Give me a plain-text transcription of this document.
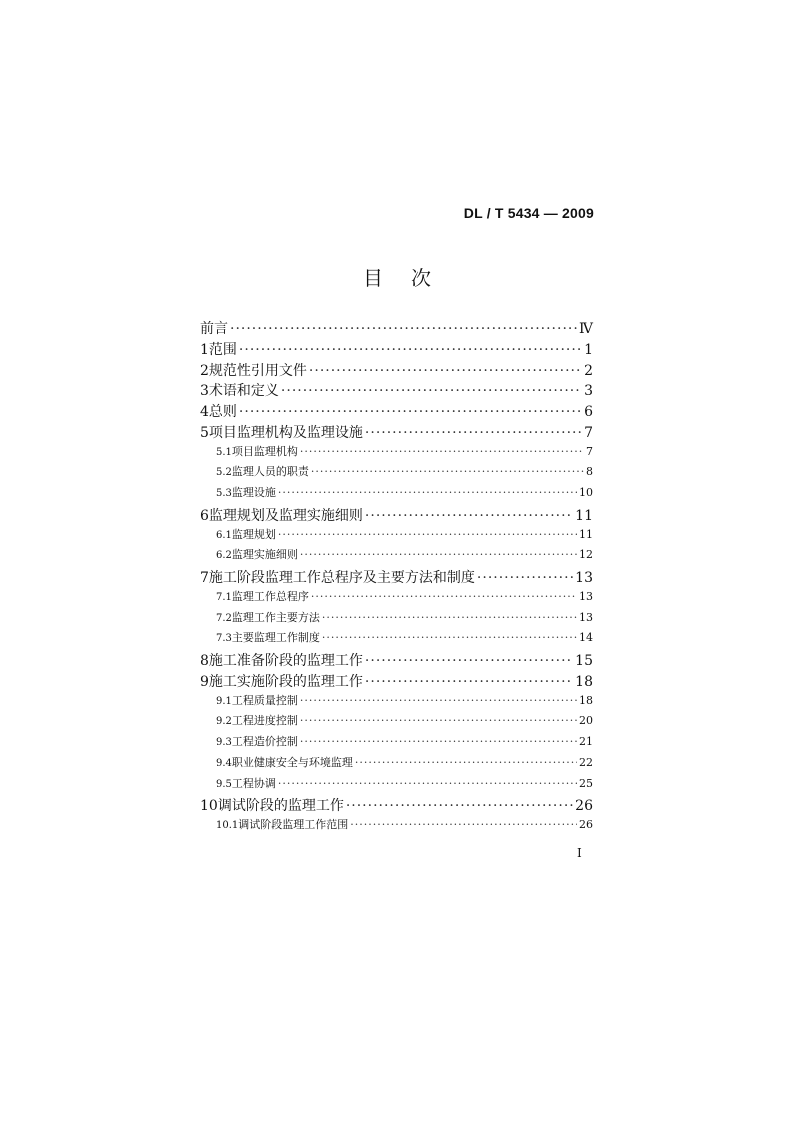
DL / T 5434 — 2009
目次
前言 ·····	Ⅳ
1 范围 ·····	1
2 规范性引用文件 ·····	2
3 术语和定义 ·····	3
4 总则 ·····	6
5 项目监理机构及监理设施 ·····	7
5.1 项目监理机构 ·····	7
5.2 监理人员的职责 ·····	8
5.3 监理设施 ·····	10
6 监理规划及监理实施细则 ·····	11
6.1 监理规划 ·····	11
6.2 监理实施细则 ·····	12
7 施工阶段监理工作总程序及主要方法和制度 ·····	13
7.1 监理工作总程序 ·····	13
7.2 监理工作主要方法 ·····	13
7.3 主要监理工作制度 ·····	14
8 施工准备阶段的监理工作 ·····	15
9 施工实施阶段的监理工作 ·····	18
9.1 工程质量控制 ·····	18
9.2 工程进度控制 ·····	20
9.3 工程造价控制 ·····	21
9.4 职业健康安全与环境监理 ·····	22
9.5 工程协调 ·····	25
10 调试阶段的监理工作 ·····	26
10.1 调试阶段监理工作范围 ·····	26
I
